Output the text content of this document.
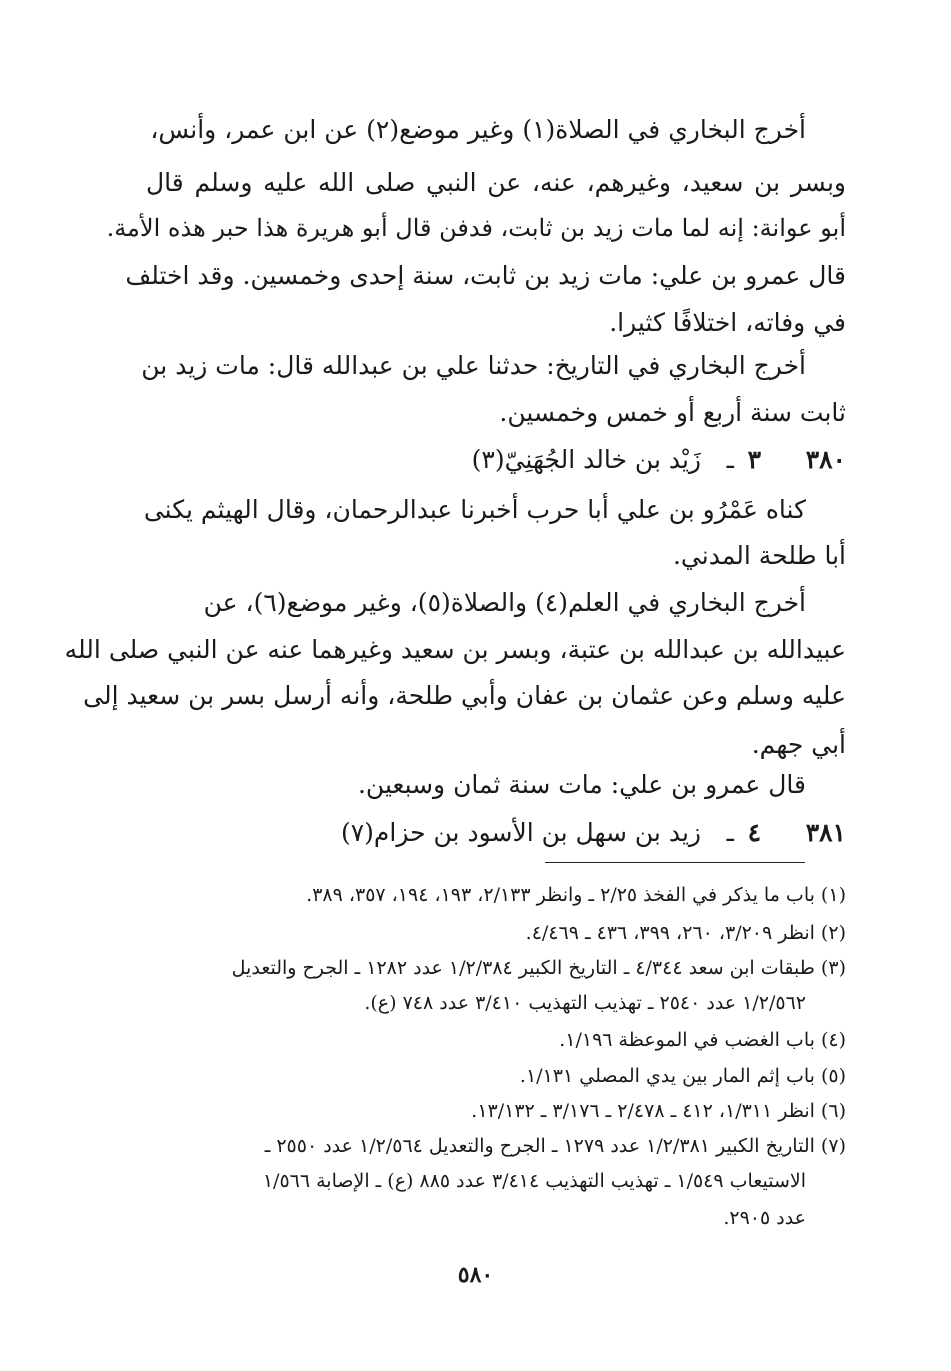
أخرج البخاري في الصلاة(١) وغير موضع(٢) عن ابن عمر، وأنس،
وبسر بن سعيد، وغيرهم، عنه، عن النبي صلى الله عليه وسلم قال
أبو عوانة: إنه لما مات زيد بن ثابت، فدفن قال أبو هريرة هذا حبر هذه الأمة.
قال عمرو بن علي: مات زيد بن ثابت، سنة إحدى وخمسين. وقد اختلف
في وفاته، اختلافًا كثيرا.
أخرج البخاري في التاريخ: حدثنا علي بن عبدالله قال: مات زيد بن
ثابت سنة أربع أو خمس وخمسين.
٣٨٠
٣
ـ
زَيْد بن خالد الجُهَنِيّ(٣)
كناه عَمْرُو بن علي أبا حرب أخبرنا عبدالرحمان، وقال الهيثم يكنى
أبا طلحة المدني.
أخرج البخاري في العلم(٤) والصلاة(٥)، وغير موضع(٦)، عن
عبيدالله بن عبدالله بن عتبة، وبسر بن سعيد وغيرهما عنه عن النبي صلى الله
عليه وسلم وعن عثمان بن عفان وأبي طلحة، وأنه أرسل بسر بن سعيد إلى
أبي جهم.
قال عمرو بن علي: مات سنة ثمان وسبعين.
٣٨١
٤
ـ
زيد بن سهل بن الأسود بن حزام(٧)
(١) باب ما يذكر في الفخذ ٢/٢٥ ـ وانظر ٢/١٣٣، ١٩٣، ١٩٤، ٣٥٧، ٣٨٩.
(٢) انظر ٣/٢٠٩، ٢٦٠، ٣٩٩، ٤٣٦ ـ ٤/٤٦٩.
(٣) طبقات ابن سعد ٤/٣٤٤ ـ التاريخ الكبير ١/٢/٣٨٤ عدد ١٢٨٢ ـ الجرح والتعديل
١/٢/٥٦٢ عدد ٢٥٤٠ ـ تهذيب التهذيب ٣/٤١٠ عدد ٧٤٨ (ع).
(٤) باب الغضب في الموعظة ١/١٩٦.
(٥) باب إثم المار بين يدي المصلي ١/١٣١.
(٦) انظر ١/٣١١، ٤١٢ ـ ٢/٤٧٨ ـ ٣/١٧٦ ـ ١٣/١٣٢.
(٧) التاريخ الكبير ١/٢/٣٨١ عدد ١٢٧٩ ـ الجرح والتعديل ١/٢/٥٦٤ عدد ٢٥٥٠ ـ
الاستيعاب ١/٥٤٩ ـ تهذيب التهذيب ٣/٤١٤ عدد ٨٨٥ (ع) ـ الإصابة ١/٥٦٦
عدد ٢٩٠٥.
٥٨٠
